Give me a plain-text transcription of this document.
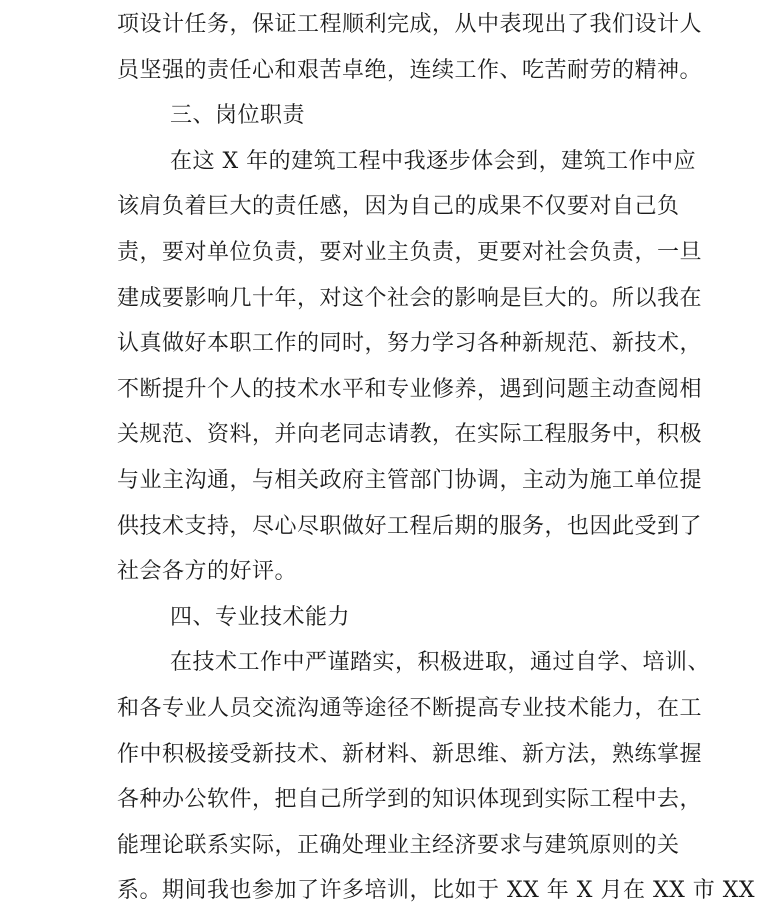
项设计任务，保证工程顺利完成，从中表现出了我们设计人
员坚强的责任心和艰苦卓绝，连续工作、吃苦耐劳的精神。
三、岗位职责
在这 X 年的建筑工程中我逐步体会到，建筑工作中应
该肩负着巨大的责任感，因为自己的成果不仅要对自己负
责，要对单位负责，要对业主负责，更要对社会负责，一旦
建成要影响几十年，对这个社会的影响是巨大的。所以我在
认真做好本职工作的同时，努力学习各种新规范、新技术，
不断提升个人的技术水平和专业修养，遇到问题主动查阅相
关规范、资料，并向老同志请教，在实际工程服务中，积极
与业主沟通，与相关政府主管部门协调，主动为施工单位提
供技术支持，尽心尽职做好工程后期的服务，也因此受到了
社会各方的好评。
四、专业技术能力
在技术工作中严谨踏实，积极进取，通过自学、培训、
和各专业人员交流沟通等途径不断提高专业技术能力，在工
作中积极接受新技术、新材料、新思维、新方法，熟练掌握
各种办公软件，把自己所学到的知识体现到实际工程中去，
能理论联系实际，正确处理业主经济要求与建筑原则的关
系。期间我也参加了许多培训，比如于 XX 年 X 月在 XX 市 XX
